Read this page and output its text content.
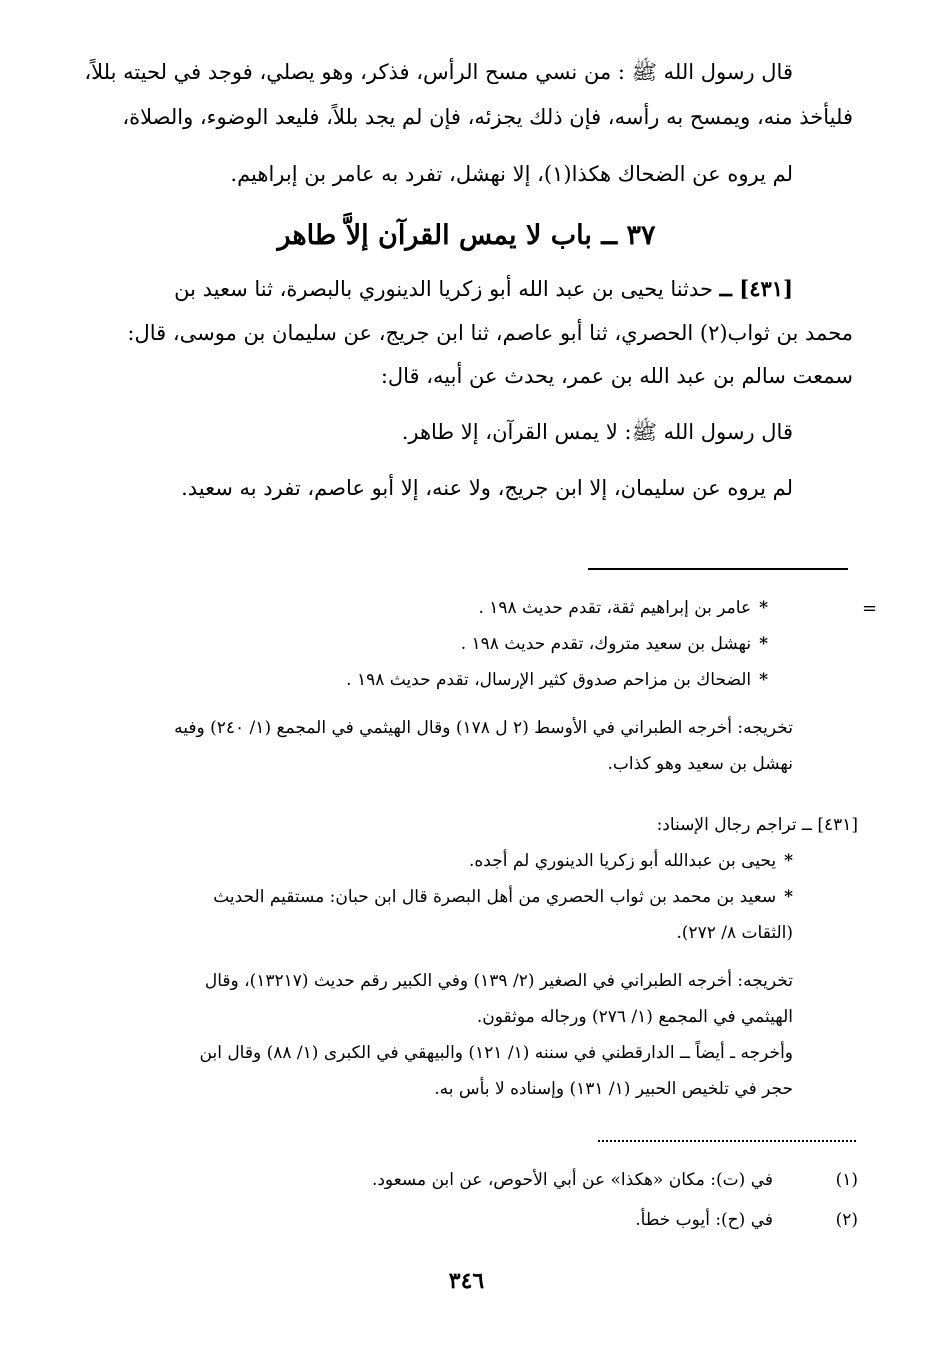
قال رسول الله ﷺ : من نسي مسح الرأس، فذكر، وهو يصلي، فوجد في لحيته بللاً،
فليأخذ منه، ويمسح به رأسه، فإن ذلك يجزئه، فإن لم يجد بللاً، فليعد الوضوء، والصلاة،
لم يروه عن الضحاك هكذا(١)، إلا نهشل، تفرد به عامر بن إبراهيم.
٣٧ ــ باب لا يمس القرآن إلاَّ طاهر
[٤٣١] ــ حدثنا يحيى بن عبد الله أبو زكريا الدينوري بالبصرة، ثنا سعيد بن
محمد بن ثواب(٢) الحصري، ثنا أبو عاصم، ثنا ابن جريج، عن سليمان بن موسى، قال:
سمعت سالم بن عبد الله بن عمر، يحدث عن أبيه، قال:
قال رسول الله ﷺ: لا يمس القرآن، إلا طاهر.
لم يروه عن سليمان، إلا ابن جريج، ولا عنه، إلا أبو عاصم، تفرد به سعيد.
=
*عامر بن إبراهيم ثقة، تقدم حديث ١٩٨ .
*نهشل بن سعيد متروك، تقدم حديث ١٩٨ .
*الضحاك بن مزاحم صدوق كثير الإرسال، تقدم حديث ١٩٨ .
تخريجه: أخرجه الطبراني في الأوسط (٢ ل ١٧٨) وقال الهيثمي في المجمع (١/ ٢٤٠) وفيه
نهشل بن سعيد وهو كذاب.
[٤٣١] ــ تراجم رجال الإسناد:
*يحيى بن عبدالله أبو زكريا الدينوري لم أجده.
*سعيد بن محمد بن ثواب الحصري من أهل البصرة قال ابن حبان: مستقيم الحديث
(الثقات ٨/ ٢٧٢).
تخريجه: أخرجه الطبراني في الصغير (٢/ ١٣٩) وفي الكبير رقم حديث (١٣٢١٧)، وقال
الهيثمي في المجمع (١/ ٢٧٦) ورجاله موثقون.
وأخرجه ـ أيضاً ــ الدارقطني في سننه (١/ ١٢١) والبيهقي في الكبرى (١/ ٨٨) وقال ابن
حجر في تلخيص الحبير (١/ ١٣١) وإسناده لا بأس به.
(١)
في (ت): مكان «هكذا» عن أبي الأحوص، عن ابن مسعود.
(٢)
في (ح): أيوب خطأ.
٣٤٦
